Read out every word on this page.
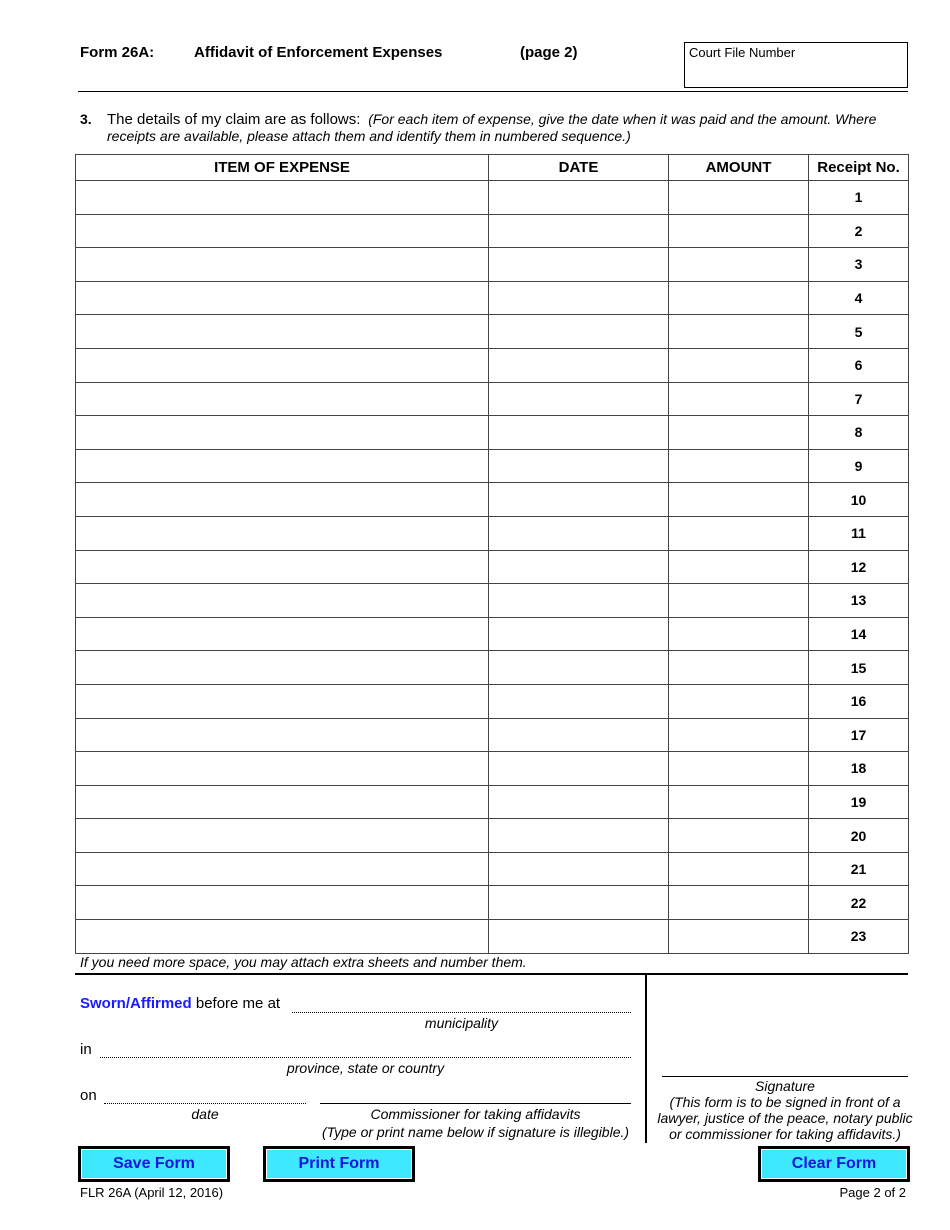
Form 26A:	Affidavit of Enforcement Expenses	(page 2)	Court File Number
3. The details of my claim are as follows: (For each item of expense, give the date when it was paid and the amount. Where receipts are available, please attach them and identify them in numbered sequence.)
ITEM OF EXPENSE	DATE	AMOUNT	Receipt No.
			1
			2
			3
			4
			5
			6
			7
			8
			9
			10
			11
			12
			13
			14
			15
			16
			17
			18
			19
			20
			21
			22
			23
If you need more space, you may attach extra sheets and number them.
Sworn/Affirmed before me at
municipality
in
province, state or country
on
date	Commissioner for taking affidavits
(Type or print name below if signature is illegible.)
Signature
(This form is to be signed in front of a
lawyer, justice of the peace, notary public
or commissioner for taking affidavits.)
Save Form	Print Form	Clear Form
FLR 26A (April 12, 2016)	Page 2 of 2
